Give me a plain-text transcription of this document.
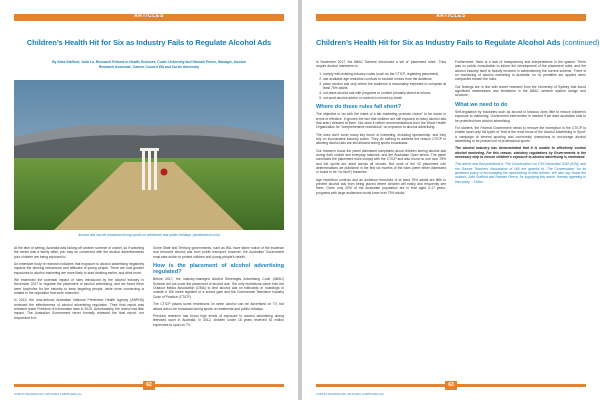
ARTICLES
Children’s Health Hit for Six as Industry Fails to Regulate Alcohol Ads
By Alisa Stafford, Julia Lu, Research Fellows in Health Sciences, Curtin University and Hannah Pierce, Manager, Alcohol Research Associate, Cancer Council WA and Curtin University
Alcohol ads can be broadcast during sports on weekends and public holidays. (shutterstock.com)

At the time of writing, Australia was kicking off another summer of cricket, so if watching the series was a family affair, you may be concerned with the alcohol advertisements your children are being exposed to.

An extensive body of research indicates that exposure to alcohol advertising negatively impacts the drinking behaviours and attitudes of young people. There are now greater exposures to alcohol marketing are more likely to start drinking earlier, and drink more.

We examined the potential impact of rules introduced by the alcohol industry in November 2017 to regulate the placement of alcohol advertising, and we found there were loopholes for the industry to keep targeting people, while more concerning is related to the regulation that were observed.

In 2013, the now-defunct Australian National Preventive Health Agency (ANPHA) reviewed the effectiveness of alcohol advertising regulation. Their final report was released under Freedom of Information laws in 2015. Unfortunately, the review had little impact. The Australian Government never formally released the final report, nor responded to it.

Some State and Territory governments, such as WA, have taken notice of the evidence and removed alcohol ads from public transport; however, the Australian Government must take action to protect children and young people’s health.

How is the placement of alcohol advertising regulated?

Before 2017, the industry-managed Alcohol Beverages Advertising Code (ABAC) Scheme did not cover the placement of alcohol ads. The only restrictions came from the Outdoor Media Association (OMA) to limit alcohol ads on billboards or hoardings to outside a 150 metre sightline of a school gate and the Commercial Television Industry Code of Practice (CTICP).

The CTICP places some restrictions on when alcohol can be advertised on TV, but allows ads to be broadcast during sports on weekends and public holidays.

Previous research has found high levels of exposure to alcohol advertising during televised sport in Australia. In 2012, children under 18 years received 51 million exposures to sport on TV.

62
CURTIN TECHNOLOGY ARTICLES CURTIN.EDU.AU
ARTICLES
Children’s Health Hit for Six as Industry Fails to Regulate Alcohol Ads (continued)

In November 2017, the ABAC Scheme introduced a set of ‘placement rules’. They require alcohol marketers to:

1. comply with existing industry codes (such as the CTICP, regarding placement)
2. use available age restriction controls to exclude minors from the audience
3. place alcohol ads only where the audience is reasonably expected to comprise at least 75% adults
4. not place alcohol ads with programs or content primarily aimed at minors
5. not send alcohol advice or content to minors by email
Where do these rules fall short?

The objective is “as with the intent of a fair marketing promote choice” to be worse in terms of effective. It ignores the fact that children are still exposed to many alcohol ads that aren’t directed at them. Nor does it reflect recommendations from the World Health Organization for “comprehensive restrictions” on exposure to alcohol advertising.

The rules don’t cover many key forms of marketing, including sponsorship, and they rely on inconsistent industry codes. They do nothing to address the reason CTICP in allowing alcohol ads are still allowed during sports broadcasts.

Our research found the panel dismissed complaints about children seeing alcohol ads during their cricket and everyday matches, and the Australian Open tennis. The panel concluded the placement rules comply with the CTICP and also found no one over 75% and the sports are aired across all venues. But most of the 42 placement rule determinations we published in the first six months of the rules (were either dismissed or found to be “no fault”) breaches.

Age restriction controls and an audience threshold of at least 75% adults are little to prevent alcohol ads from being placed where children will easily and frequently see them. Given only 20% of the Australian population are in that aged 0-17 years, programs with large audiences would have over 75% adults.

Furthermore, there is a lack of transparency and independence in the system. There was no public consultation to inform the development of the placement rules, and the alcohol industry itself is heavily involved in administering the current scheme. There is no monitoring of alcohol marketing in Australia, so no penalties are applied when companies breach the rules.

Our findings are in line with recent research from the University of Sydney that found significant weaknesses and limitations in the ABAC scheme system design and structure.

What we need to do

Self-regulation by industries such as alcohol in tobacco does little to reduce children’s exposure to marketing. Government intervention is needed if we want Australian kids to be protected from alcohol advertising.

For starters, the Federal Government needs to remove the exemption in the CTICP to enable sport-only full types of “that is the most focus of the Alcohol Advertising in Sport” a campaign of several sporting and community champions to encourage alcohol advertising to be phased out of professional sports.

The alcohol industry has demonstrated that it is unable to effectively control alcohol marketing. For this reason, statutory regulations by Governments is the necessary step to ensure children’s exposure to alcohol advertising is minimised.

This article was first published in ‘The Conversation’ on 17th December 2018 (62N), and the Games Teachers’ Association of WA are grateful to ‘The Conversation’ for its generous policy of encouraging the republishing of their articles. We also say ‘thank the authors, Julia Stafford and Hannah Pierce, for supplying this article, thereby agreeing to third party’ – Editor.

63
CURTIN TECHNOLOGY ARTICLES CURTIN.EDU.AU
